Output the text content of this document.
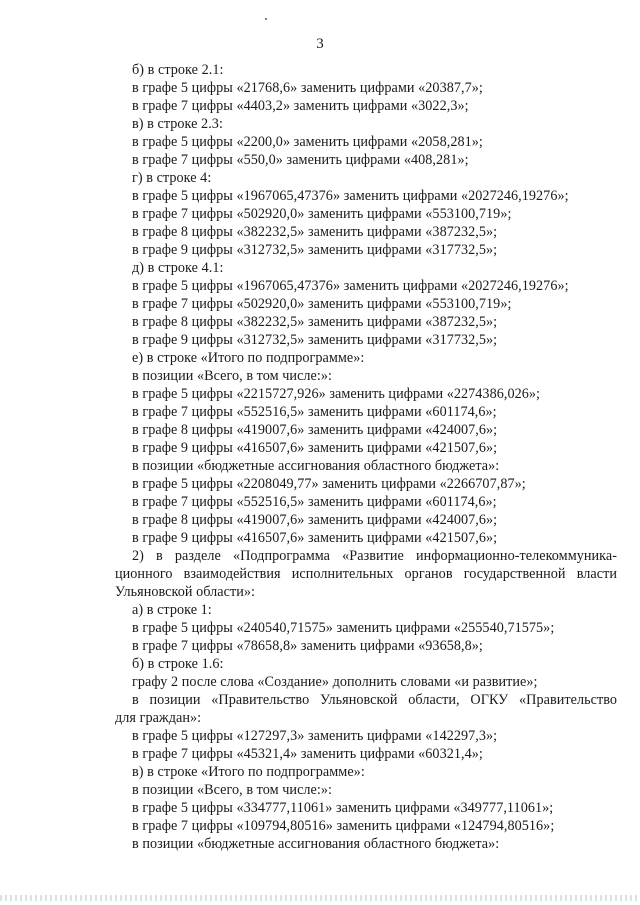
3
б) в строке 2.1:
в графе 5 цифры «21768,6» заменить цифрами «20387,7»;
в графе 7 цифры «4403,2» заменить цифрами «3022,3»;
в) в строке 2.3:
в графе 5 цифры «2200,0» заменить цифрами «2058,281»;
в графе 7 цифры «550,0» заменить цифрами «408,281»;
г) в строке 4:
в графе 5 цифры «1967065,47376» заменить цифрами «2027246,19276»;
в графе 7 цифры «502920,0» заменить цифрами «553100,719»;
в графе 8 цифры «382232,5» заменить цифрами «387232,5»;
в графе 9 цифры «312732,5» заменить цифрами «317732,5»;
д) в строке 4.1:
в графе 5 цифры «1967065,47376» заменить цифрами «2027246,19276»;
в графе 7 цифры «502920,0» заменить цифрами «553100,719»;
в графе 8 цифры «382232,5» заменить цифрами «387232,5»;
в графе 9 цифры «312732,5» заменить цифрами «317732,5»;
е) в строке «Итого по подпрограмме»:
в позиции «Всего, в том числе:»:
в графе 5 цифры «2215727,926» заменить цифрами «2274386,026»;
в графе 7 цифры «552516,5» заменить цифрами «601174,6»;
в графе 8 цифры «419007,6» заменить цифрами «424007,6»;
в графе 9 цифры «416507,6» заменить цифрами «421507,6»;
в позиции «бюджетные ассигнования областного бюджета»:
в графе 5 цифры «2208049,77» заменить цифрами «2266707,87»;
в графе 7 цифры «552516,5» заменить цифрами «601174,6»;
в графе 8 цифры «419007,6» заменить цифрами «424007,6»;
в графе 9 цифры «416507,6» заменить цифрами «421507,6»;
2) в разделе «Подпрограмма «Развитие информационно-телекоммуника-
ционного взаимодействия исполнительных органов государственной власти
Ульяновской области»:
а) в строке 1:
в графе 5 цифры «240540,71575» заменить цифрами «255540,71575»;
в графе 7 цифры «78658,8» заменить цифрами «93658,8»;
б) в строке 1.6:
графу 2 после слова «Создание» дополнить словами «и развитие»;
в позиции «Правительство Ульяновской области, ОГКУ «Правительство
для граждан»:
в графе 5 цифры «127297,3» заменить цифрами «142297,3»;
в графе 7 цифры «45321,4» заменить цифрами «60321,4»;
в) в строке «Итого по подпрограмме»:
в позиции «Всего, в том числе:»:
в графе 5 цифры «334777,11061» заменить цифрами «349777,11061»;
в графе 7 цифры «109794,80516» заменить цифрами «124794,80516»;
в позиции «бюджетные ассигнования областного бюджета»:
